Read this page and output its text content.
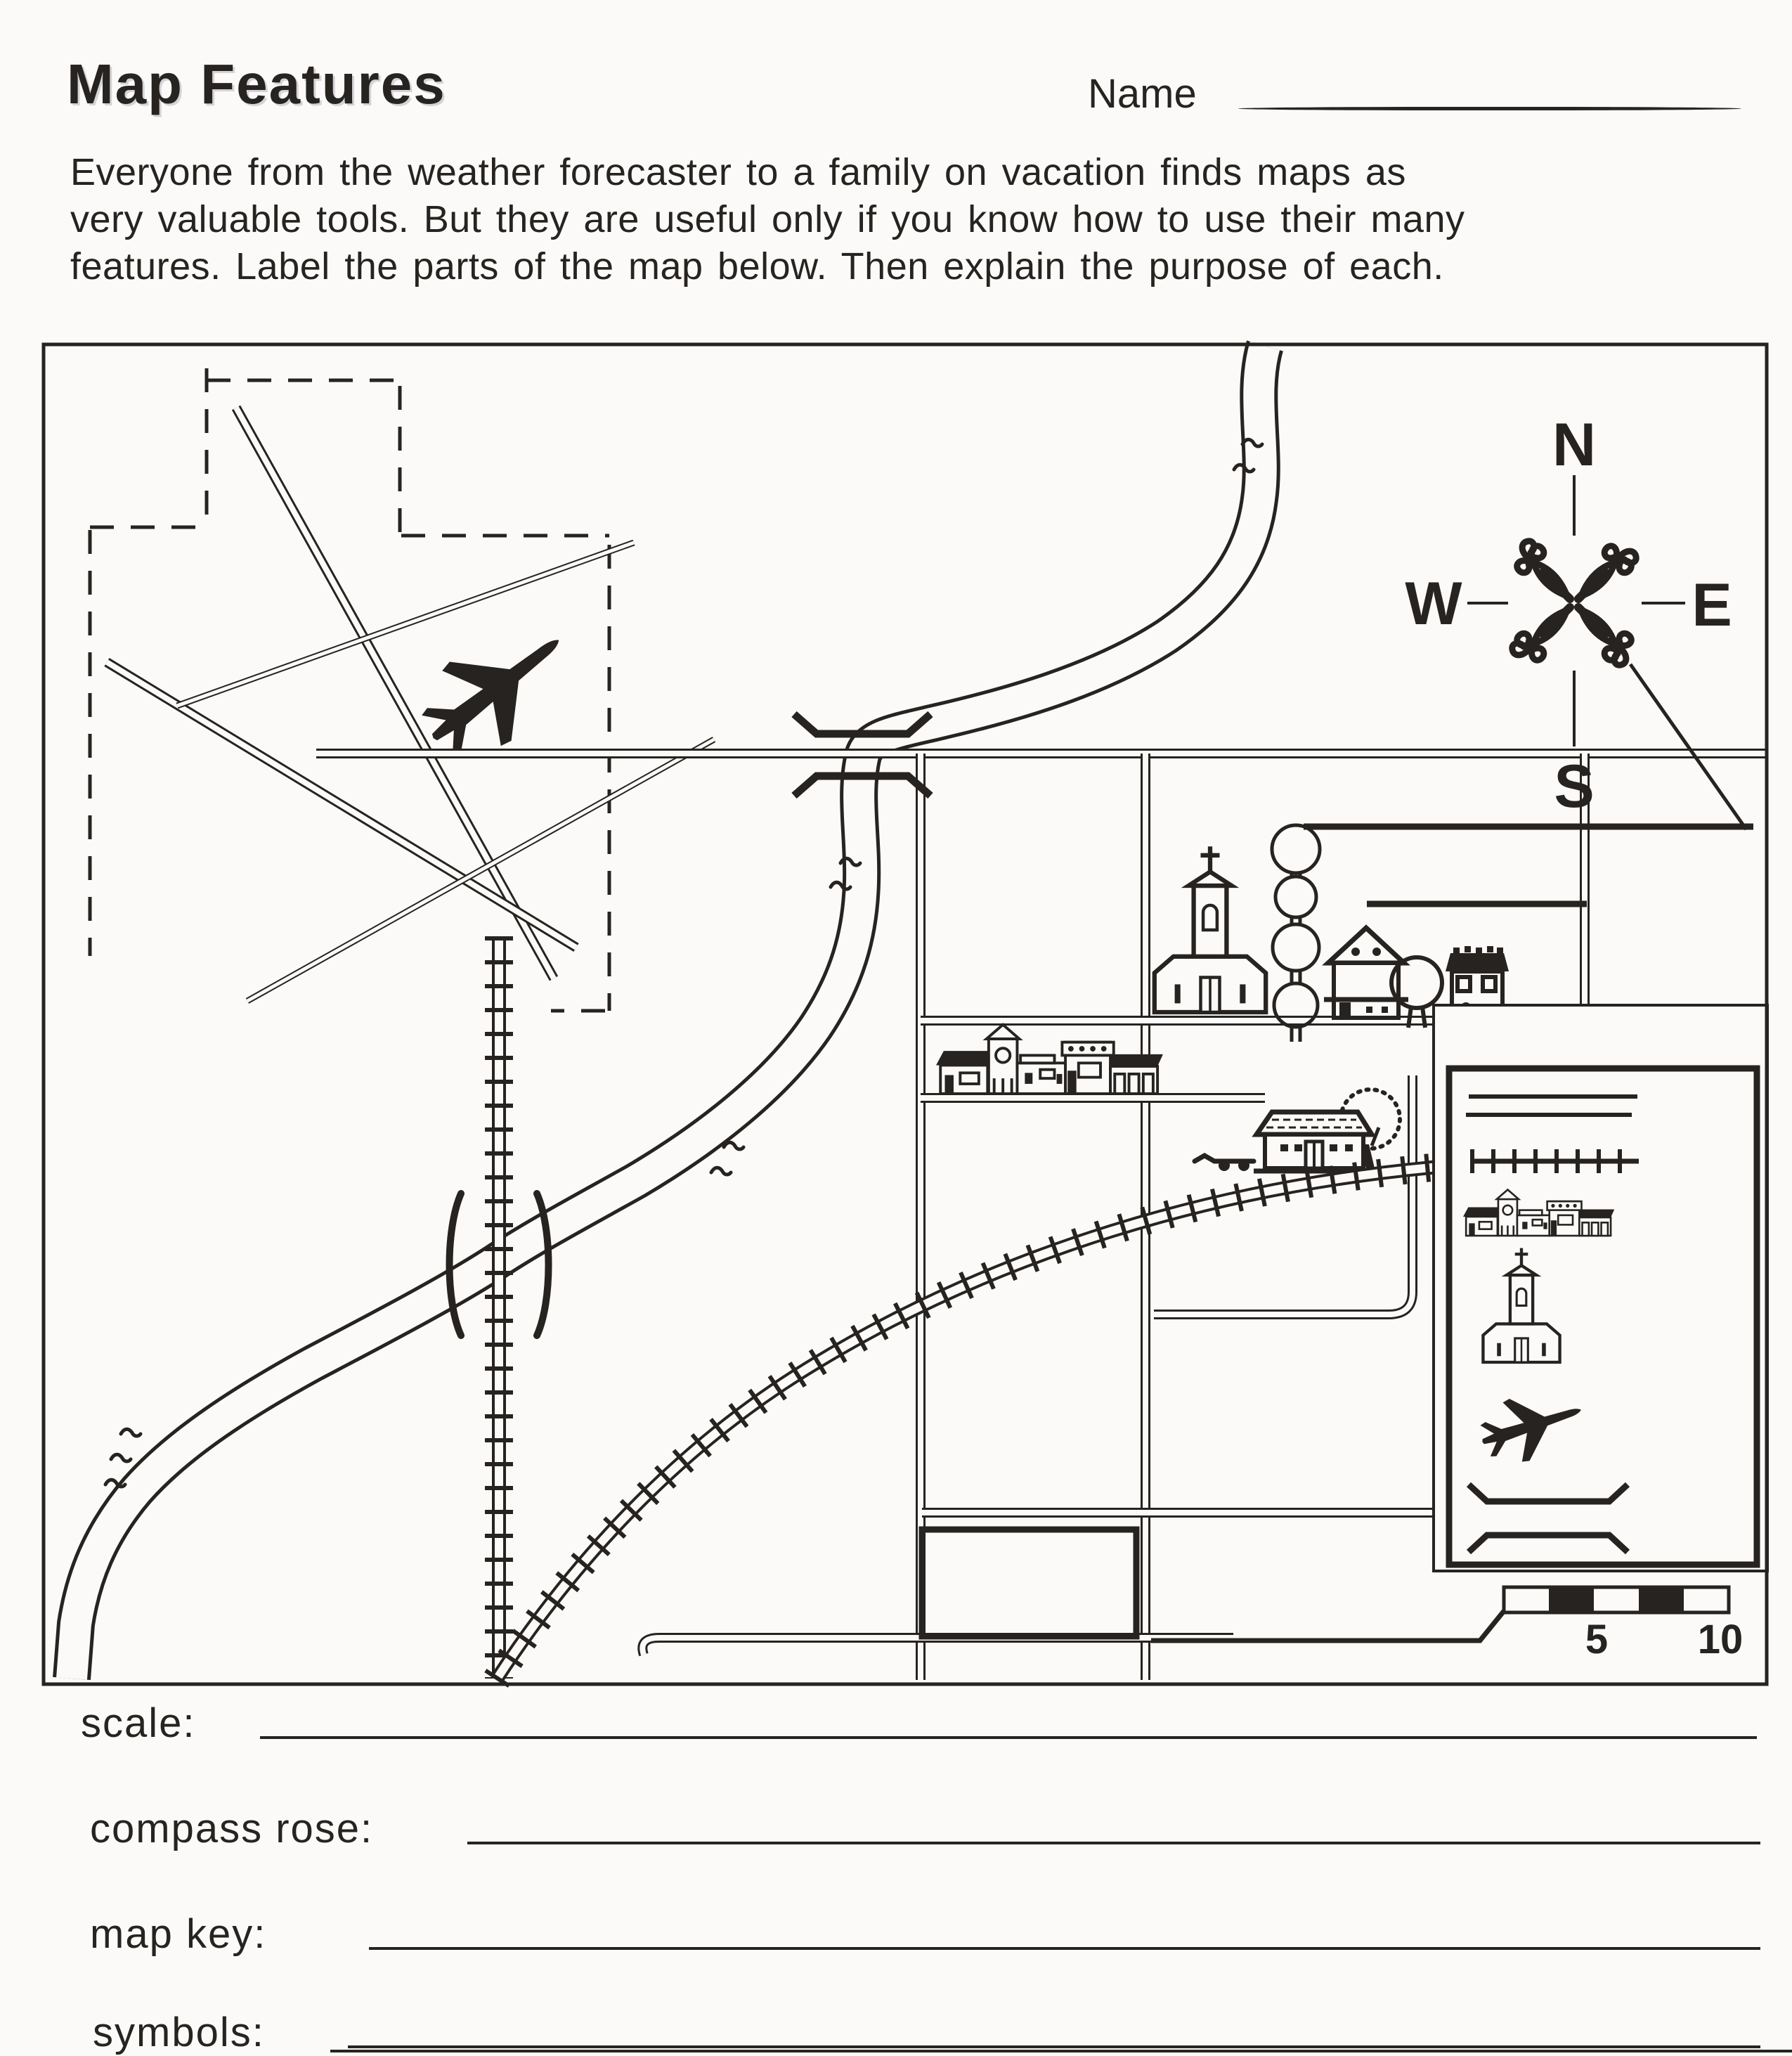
Map Features	Name
Everyone from the weather forecaster to a family on vacation finds maps as
very valuable tools. But they are useful only if you know how to use their many
features. Label the parts of the map below. Then explain the purpose of each.
N
S
W	E
5 10
scale:
compass rose:
map key:
symbols:
